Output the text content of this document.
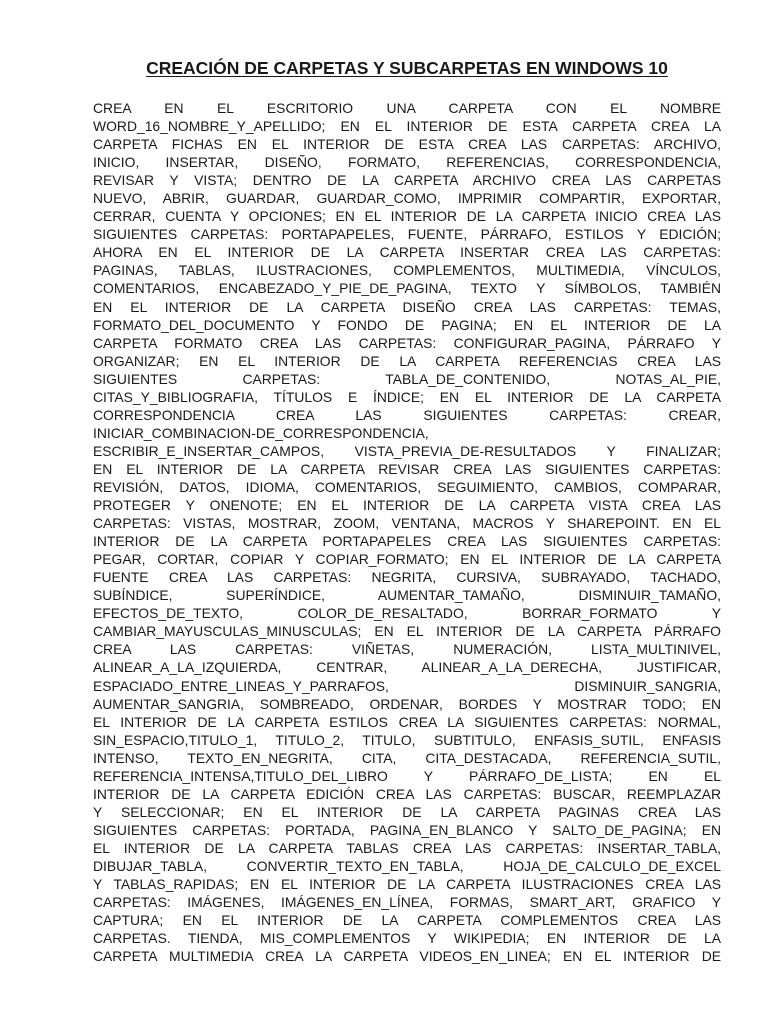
CREACIÓN DE CARPETAS Y SUBCARPETAS EN WINDOWS 10
CREA EN EL ESCRITORIO UNA CARPETA CON EL NOMBRE
WORD_16_NOMBRE_Y_APELLIDO; EN EL INTERIOR DE ESTA CARPETA CREA LA
CARPETA FICHAS EN EL INTERIOR DE ESTA CREA LAS CARPETAS: ARCHIVO,
INICIO, INSERTAR, DISEÑO, FORMATO, REFERENCIAS, CORRESPONDENCIA,
REVISAR Y VISTA; DENTRO DE LA CARPETA ARCHIVO CREA LAS CARPETAS
NUEVO, ABRIR, GUARDAR, GUARDAR_COMO, IMPRIMIR COMPARTIR, EXPORTAR,
CERRAR, CUENTA Y OPCIONES; EN EL INTERIOR DE LA CARPETA INICIO CREA LAS
SIGUIENTES CARPETAS: PORTAPAPELES, FUENTE, PÁRRAFO, ESTILOS Y EDICIÓN;
AHORA EN EL INTERIOR DE LA CARPETA INSERTAR CREA LAS CARPETAS:
PAGINAS, TABLAS, ILUSTRACIONES, COMPLEMENTOS, MULTIMEDIA, VÍNCULOS,
COMENTARIOS, ENCABEZADO_Y_PIE_DE_PAGINA, TEXTO Y SÍMBOLOS, TAMBIÉN
EN EL INTERIOR DE LA CARPETA DISEÑO CREA LAS CARPETAS: TEMAS,
FORMATO_DEL_DOCUMENTO Y FONDO DE PAGINA; EN EL INTERIOR DE LA
CARPETA FORMATO CREA LAS CARPETAS: CONFIGURAR_PAGINA, PÁRRAFO Y
ORGANIZAR; EN EL INTERIOR DE LA CARPETA REFERENCIAS CREA LAS
SIGUIENTES CARPETAS: TABLA_DE_CONTENIDO, NOTAS_AL_PIE,
CITAS_Y_BIBLIOGRAFIA, TÍTULOS E ÍNDICE; EN EL INTERIOR DE LA CARPETA
CORRESPONDENCIA CREA LAS SIGUIENTES CARPETAS: CREAR,
INICIAR_COMBINACION-DE_CORRESPONDENCIA,
ESCRIBIR_E_INSERTAR_CAMPOS, VISTA_PREVIA_DE-RESULTADOS Y FINALIZAR;
EN EL INTERIOR DE LA CARPETA REVISAR CREA LAS SIGUIENTES CARPETAS:
REVISIÓN, DATOS, IDIOMA, COMENTARIOS, SEGUIMIENTO, CAMBIOS, COMPARAR,
PROTEGER Y ONENOTE; EN EL INTERIOR DE LA CARPETA VISTA CREA LAS
CARPETAS: VISTAS, MOSTRAR, ZOOM, VENTANA, MACROS Y SHAREPOINT. EN EL
INTERIOR DE LA CARPETA PORTAPAPELES CREA LAS SIGUIENTES CARPETAS:
PEGAR, CORTAR, COPIAR Y COPIAR_FORMATO; EN EL INTERIOR DE LA CARPETA
FUENTE CREA LAS CARPETAS: NEGRITA, CURSIVA, SUBRAYADO, TACHADO,
SUBÍNDICE, SUPERÍNDICE, AUMENTAR_TAMAÑO, DISMINUIR_TAMAÑO,
EFECTOS_DE_TEXTO, COLOR_DE_RESALTADO, BORRAR_FORMATO Y
CAMBIAR_MAYUSCULAS_MINUSCULAS; EN EL INTERIOR DE LA CARPETA PÁRRAFO
CREA LAS CARPETAS: VIÑETAS, NUMERACIÓN, LISTA_MULTINIVEL,
ALINEAR_A_LA_IZQUIERDA, CENTRAR, ALINEAR_A_LA_DERECHA, JUSTIFICAR,
ESPACIADO_ENTRE_LINEAS_Y_PARRAFOS, DISMINUIR_SANGRIA,
AUMENTAR_SANGRIA, SOMBREADO, ORDENAR, BORDES Y MOSTRAR TODO; EN
EL INTERIOR DE LA CARPETA ESTILOS CREA LA SIGUIENTES CARPETAS: NORMAL,
SIN_ESPACIO,TITULO_1, TITULO_2, TITULO, SUBTITULO, ENFASIS_SUTIL, ENFASIS
INTENSO, TEXTO_EN_NEGRITA, CITA, CITA_DESTACADA, REFERENCIA_SUTIL,
REFERENCIA_INTENSA,TITULO_DEL_LIBRO Y PÁRRAFO_DE_LISTA; EN EL
INTERIOR DE LA CARPETA EDICIÓN CREA LAS CARPETAS: BUSCAR, REEMPLAZAR
Y SELECCIONAR; EN EL INTERIOR DE LA CARPETA PAGINAS CREA LAS
SIGUIENTES CARPETAS: PORTADA, PAGINA_EN_BLANCO Y SALTO_DE_PAGINA; EN
EL INTERIOR DE LA CARPETA TABLAS CREA LAS CARPETAS: INSERTAR_TABLA,
DIBUJAR_TABLA, CONVERTIR_TEXTO_EN_TABLA, HOJA_DE_CALCULO_DE_EXCEL
Y TABLAS_RAPIDAS; EN EL INTERIOR DE LA CARPETA ILUSTRACIONES CREA LAS
CARPETAS: IMÁGENES, IMÁGENES_EN_LÍNEA, FORMAS, SMART_ART, GRAFICO Y
CAPTURA; EN EL INTERIOR DE LA CARPETA COMPLEMENTOS CREA LAS
CARPETAS. TIENDA, MIS_COMPLEMENTOS Y WIKIPEDIA; EN INTERIOR DE LA
CARPETA MULTIMEDIA CREA LA CARPETA VIDEOS_EN_LINEA; EN EL INTERIOR DE
